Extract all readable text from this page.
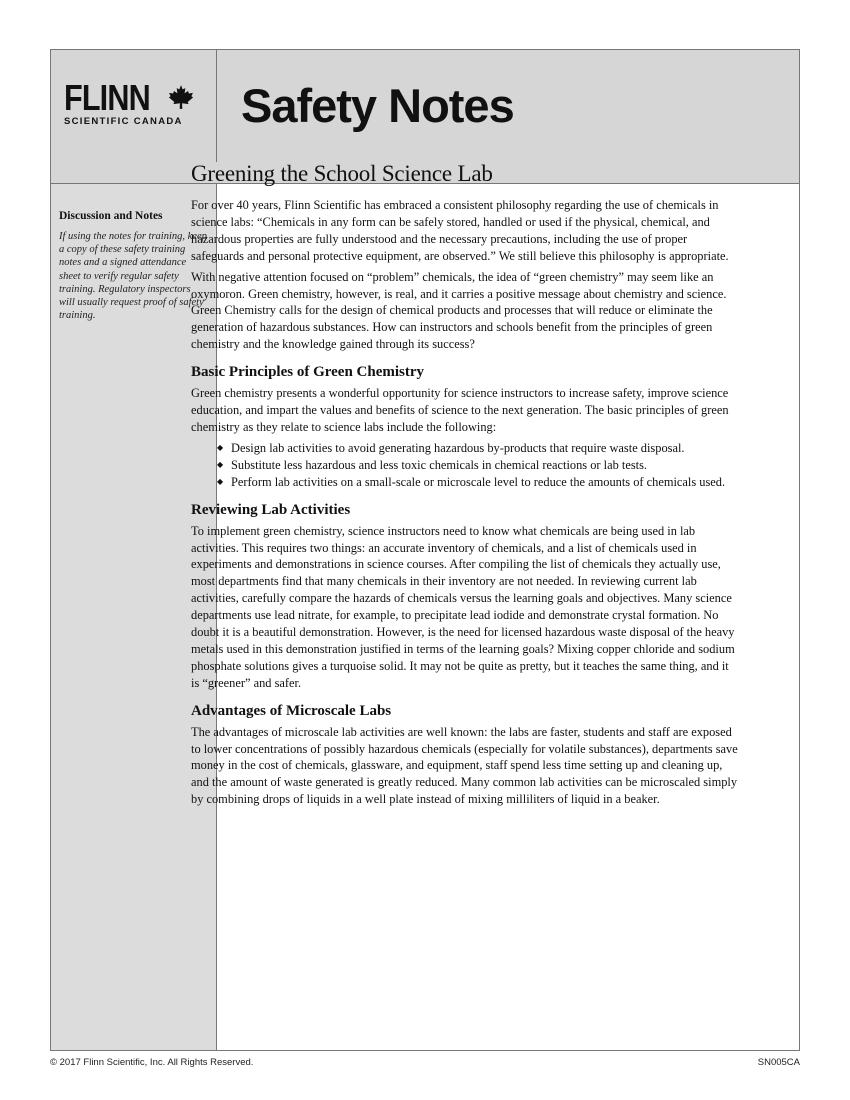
FLINN
SCIENTIFIC CANADA	Safety Notes
Discussion and Notes

If using the notes for training, keep a copy of these safety training notes and a signed attendance sheet to verify regular safety training. Regulatory inspectors will usually request proof of safety training.

Greening the School Science Lab

For over 40 years, Flinn Scientific has embraced a consistent philosophy regarding the use of chemicals in science labs: “Chemicals in any form can be safely stored, handled or used if the physical, chemical, and hazardous properties are fully understood and the necessary precautions, including the use of proper safeguards and personal protective equipment, are observed.” We still believe this philosophy is appropriate.

With negative attention focused on “problem” chemicals, the idea of “green chemistry” may seem like an oxymoron. Green chemistry, however, is real, and it carries a positive message about chemistry and science. Green Chemistry calls for the design of chemical products and processes that will reduce or eliminate the generation of hazardous substances. How can instructors and schools benefit from the principles of green chemistry and the knowledge gained through its success?

Basic Principles of Green Chemistry

Green chemistry presents a wonderful opportunity for science instructors to increase safety, improve science education, and impart the values and benefits of science to the next generation. The basic principles of green chemistry as they relate to science labs include the following:

◆ Design lab activities to avoid generating hazardous by-products that require waste disposal.
◆ Substitute less hazardous and less toxic chemicals in chemical reactions or lab tests.
◆ Perform lab activities on a small-scale or microscale level to reduce the amounts of chemicals used.
Reviewing Lab Activities

To implement green chemistry, science instructors need to know what chemicals are being used in lab activities. This requires two things: an accurate inventory of chemicals, and a list of chemicals used in experiments and demonstrations in science courses. After compiling the list of chemicals they actually use, most departments find that many chemicals in their inventory are not needed. In reviewing current lab activities, carefully compare the hazards of chemicals versus the learning goals and objectives. Many science departments use lead nitrate, for example, to precipitate lead iodide and demonstrate crystal formation. No doubt it is a beautiful demonstration. However, is the need for licensed hazardous waste disposal of the heavy metals used in this demonstration justified in terms of the learning goals? Mixing copper chloride and sodium phosphate solutions gives a turquoise solid. It may not be quite as pretty, but it teaches the same thing, and it is “greener” and safer.

Advantages of Microscale Labs

The advantages of microscale lab activities are well known: the labs are faster, students and staff are exposed to lower concentrations of possibly hazardous chemicals (especially for volatile substances), departments save money in the cost of chemicals, glassware, and equipment, staff spend less time setting up and cleaning up, and the amount of waste generated is greatly reduced. Many common lab activities can be microscaled simply by combining drops of liquids in a well plate instead of mixing milliliters of liquid in a beaker.

© 2017 Flinn Scientific, Inc. All Rights Reserved.	SN005CA
